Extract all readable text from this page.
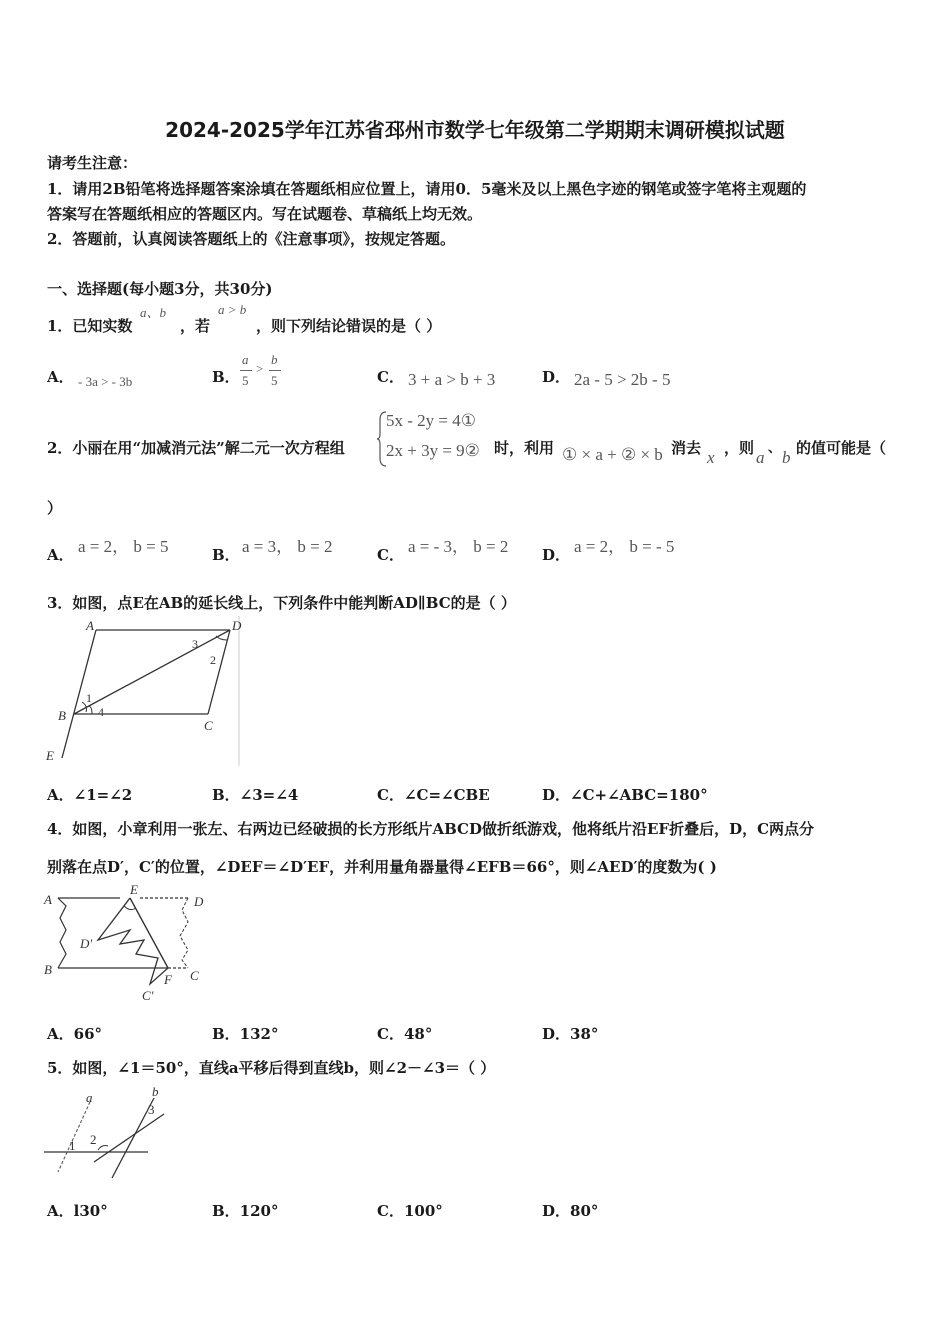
2024-2025学年江苏省邳州市数学七年级第二学期期末调研模拟试题
请考生注意：
1．请用2B铅笔将选择题答案涂填在答题纸相应位置上，请用0．5毫米及以上黑色字迹的钢笔或签字笔将主观题的
答案写在答题纸相应的答题区内。写在试题卷、草稿纸上均无效。
2．答题前，认真阅读答题纸上的《注意事项》，按规定答题。
一、选择题(每小题3分，共30分)
1．已知实数
a、b
，若
a > b
，则下列结论错误的是（ ）
A． - 3a > - 3b	B．
a
5
>
b
5	C． 3 + a > b + 3	D． 2a - 5 > 2b - 5
2．小丽在用“加减消元法”解二元一次方程组
5x - 2y = 4①
2x + 3y = 9② 时，利用 ① × a + ② × b 消去 x ，则 a 、 b 的值可能是（
）
A． a = 2， b = 5	B． a = 3， b = 2	C． a = - 3， b = 2 D． a = 2， b = - 5
3．如图，点E在AB的延长线上，下列条件中能判断AD∥BC的是（ ）
A	D
B
C
E
1
2
3
4
A．∠1=∠2	B．∠3=∠4	C．∠C=∠CBE	D．∠C+∠ABC=180°
4．如图，小章利用一张左、右两边已经破损的长方形纸片ABCD做折纸游戏，他将纸片沿EF折叠后，D，C两点分
别落在点D′，C′的位置，∠DEF＝∠D′EF，并利用量角器量得∠EFB＝66°，则∠AED′的度数为( )
A
E
D
D′
B
F C
C′
A．66°	B．132°	C．48°	D．38°
5．如图，∠1＝50°，直线a平移后得到直线b，则∠2－∠3＝（ ）
a	b
1 2
3
A．l30°	B．120°	C．100°	D．80°
